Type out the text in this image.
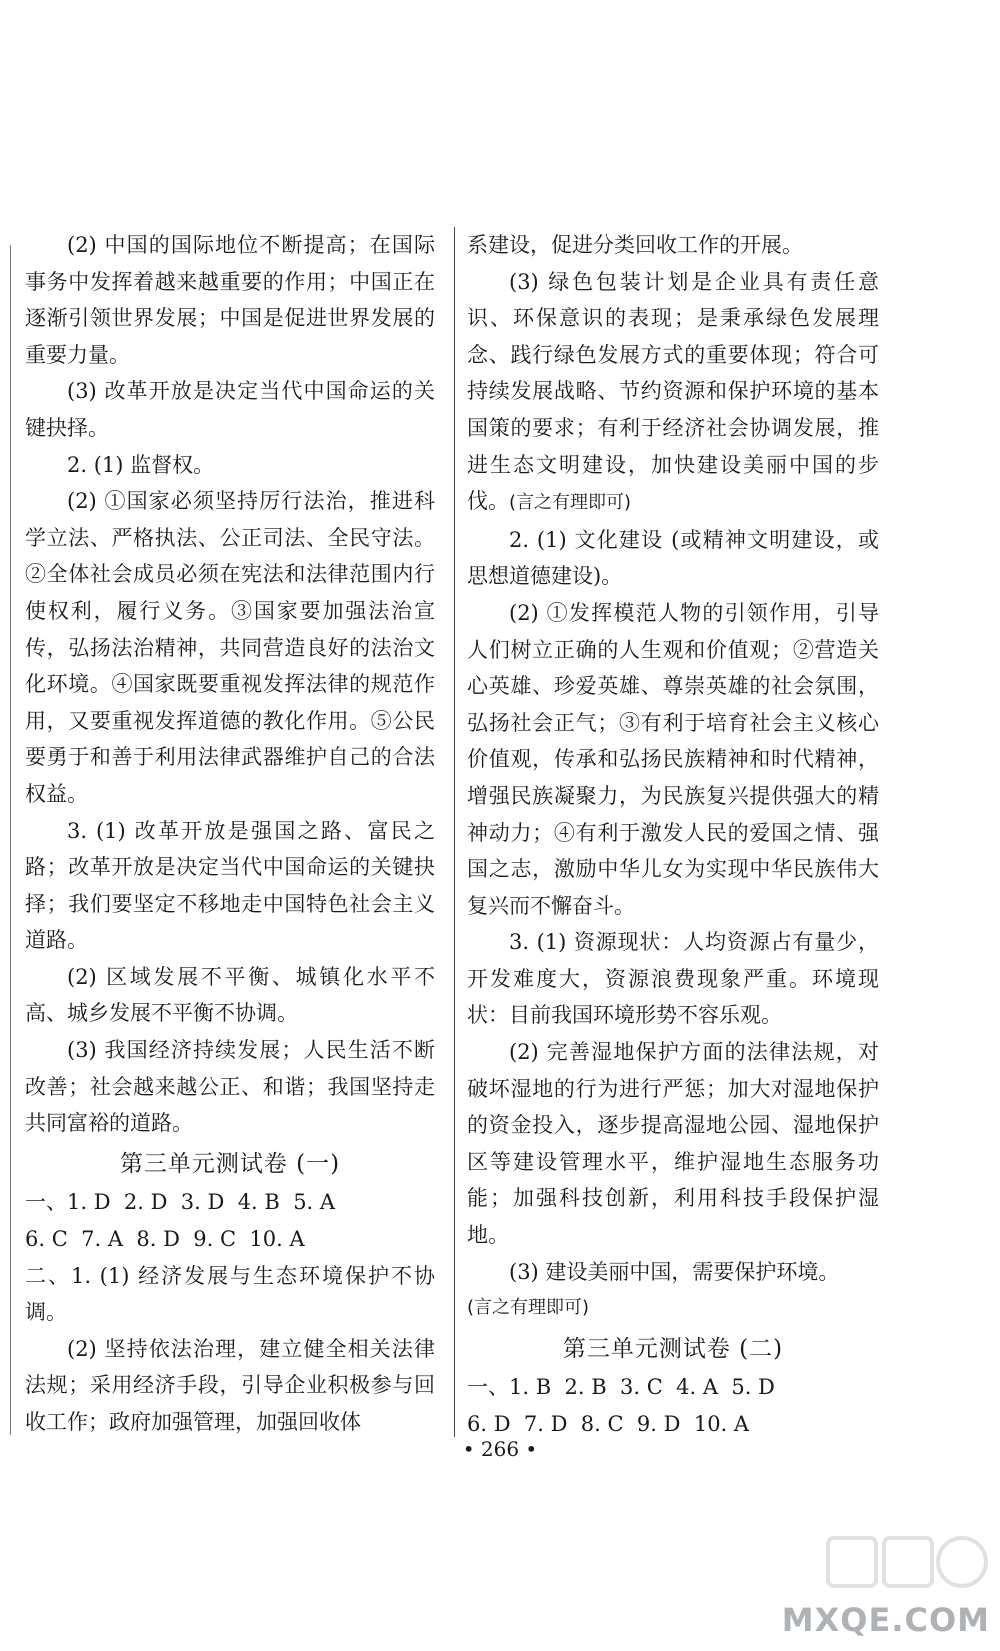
(2) 中国的国际地位不断提高；在国际事务中发挥着越来越重要的作用；中国正在逐渐引领世界发展；中国是促进世界发展的重要力量。

(3) 改革开放是决定当代中国命运的关键抉择。

2. (1) 监督权。

(2) ①国家必须坚持厉行法治，推进科学立法、严格执法、公正司法、全民守法。②全体社会成员必须在宪法和法律范围内行使权利，履行义务。③国家要加强法治宣传，弘扬法治精神，共同营造良好的法治文化环境。④国家既要重视发挥法律的规范作用，又要重视发挥道德的教化作用。⑤公民要勇于和善于利用法律武器维护自己的合法权益。

3. (1) 改革开放是强国之路、富民之路；改革开放是决定当代中国命运的关键抉择；我们要坚定不移地走中国特色社会主义道路。

(2) 区域发展不平衡、城镇化水平不高、城乡发展不平衡不协调。

(3) 我国经济持续发展；人民生活不断改善；社会越来越公正、和谐；我国坚持走共同富裕的道路。

第三单元测试卷 (一)

一、1. D  2. D  3. D  4. B  5. A

6. C  7. A  8. D  9. C  10. A

二、1. (1) 经济发展与生态环境保护不协调。

(2) 坚持依法治理，建立健全相关法律法规；采用经济手段，引导企业积极参与回收工作；政府加强管理，加强回收体

系建设，促进分类回收工作的开展。

(3) 绿色包装计划是企业具有责任意识、环保意识的表现；是秉承绿色发展理念、践行绿色发展方式的重要体现；符合可持续发展战略、节约资源和保护环境的基本国策的要求；有利于经济社会协调发展，推进生态文明建设，加快建设美丽中国的步伐。(言之有理即可)

2. (1) 文化建设 (或精神文明建设，或思想道德建设)。

(2) ①发挥模范人物的引领作用，引导人们树立正确的人生观和价值观；②营造关心英雄、珍爱英雄、尊崇英雄的社会氛围，弘扬社会正气；③有利于培育社会主义核心价值观，传承和弘扬民族精神和时代精神，增强民族凝聚力，为民族复兴提供强大的精神动力；④有利于激发人民的爱国之情、强国之志，激励中华儿女为实现中华民族伟大复兴而不懈奋斗。

3. (1) 资源现状：人均资源占有量少，开发难度大，资源浪费现象严重。环境现状：目前我国环境形势不容乐观。

(2) 完善湿地保护方面的法律法规，对破坏湿地的行为进行严惩；加大对湿地保护的资金投入，逐步提高湿地公园、湿地保护区等建设管理水平，维护湿地生态服务功能；加强科技创新，利用科技手段保护湿地。

(3) 建设美丽中国，需要保护环境。

(言之有理即可)

第三单元测试卷 (二)

一、1. B  2. B  3. C  4. A  5. D

6. D  7. D  8. C  9. D  10. A

• 266 •
MXQE.COM
